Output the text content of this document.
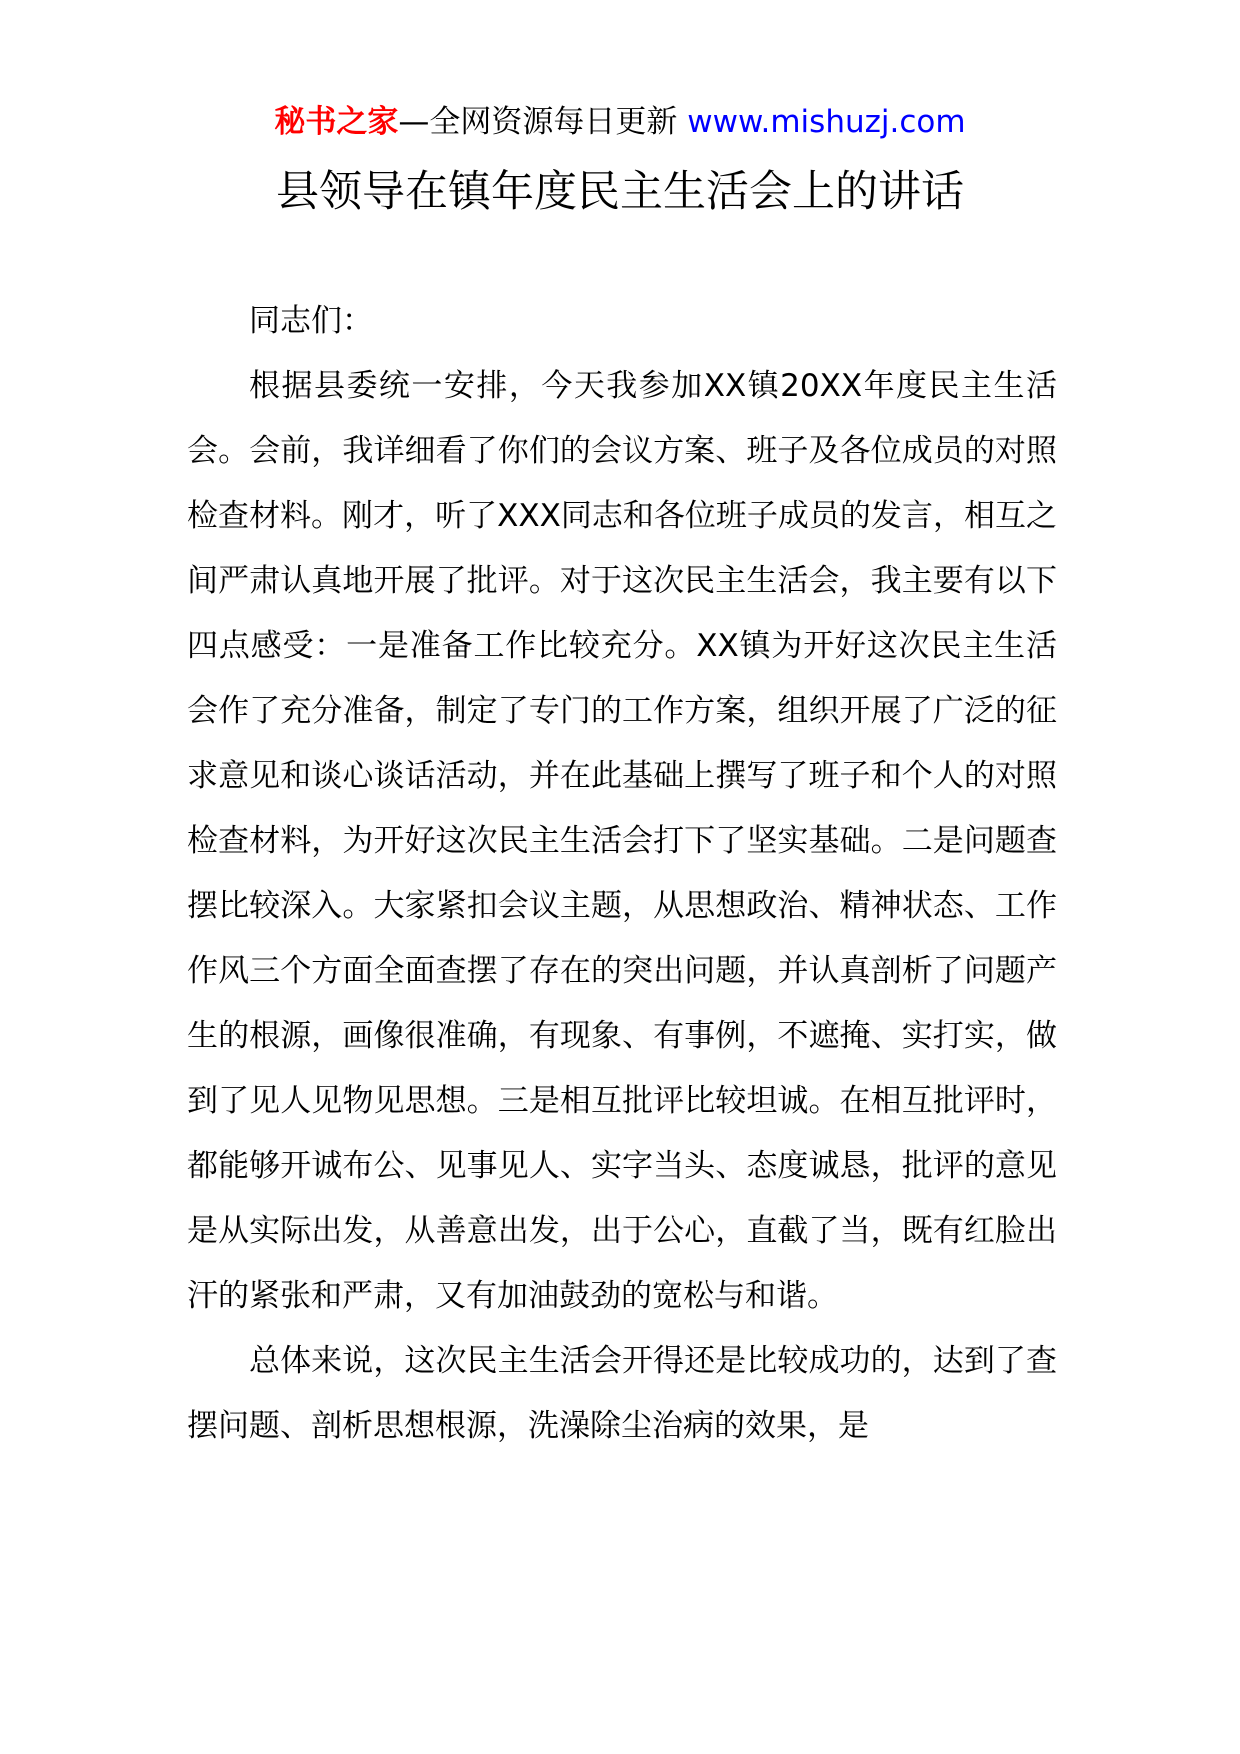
秘书之家—全网资源每日更新 www.mishuzj.com
县领导在镇年度民主生活会上的讲话

同志们：

根据县委统一安排，今天我参加XX镇20XX年度民主生活会。会前，我详细看了你们的会议方案、班子及各位成员的对照检查材料。刚才，听了XXX同志和各位班子成员的发言，相互之间严肃认真地开展了批评。对于这次民主生活会，我主要有以下四点感受：一是准备工作比较充分。XX镇为开好这次民主生活会作了充分准备，制定了专门的工作方案，组织开展了广泛的征求意见和谈心谈话活动，并在此基础上撰写了班子和个人的对照检查材料，为开好这次民主生活会打下了坚实基础。二是问题查摆比较深入。大家紧扣会议主题，从思想政治、精神状态、工作作风三个方面全面查摆了存在的突出问题，并认真剖析了问题产生的根源，画像很准确，有现象、有事例，不遮掩、实打实，做到了见人见物见思想。三是相互批评比较坦诚。在相互批评时，都能够开诚布公、见事见人、实字当头、态度诚恳，批评的意见是从实际出发，从善意出发，出于公心，直截了当，既有红脸出汗的紧张和严肃，又有加油鼓劲的宽松与和谐。

总体来说，这次民主生活会开得还是比较成功的，达到了查摆问题、剖析思想根源，洗澡除尘治病的效果，是
